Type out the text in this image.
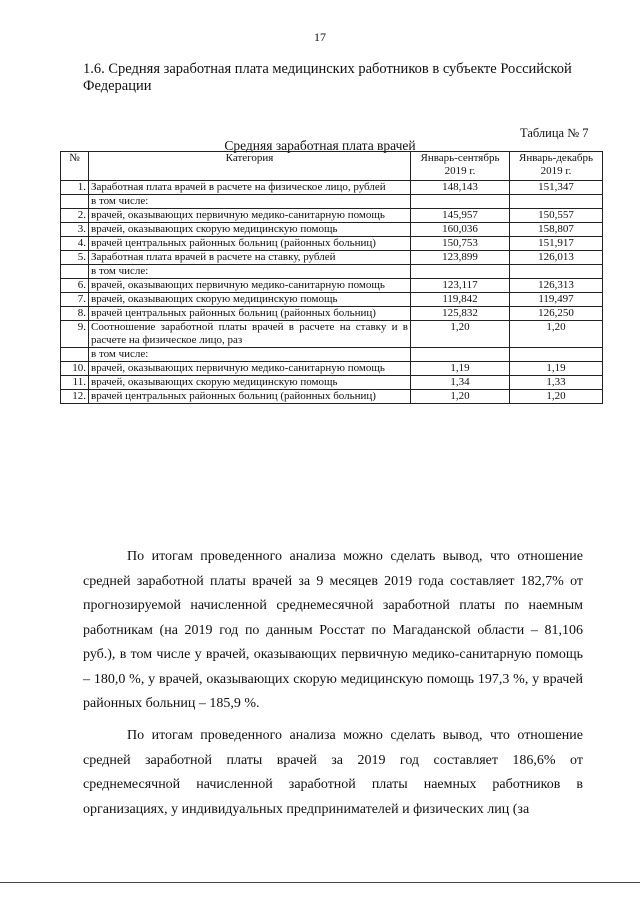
17
1.6. Средняя заработная плата медицинских работников в субъекте Российской Федерации
Таблица № 7
Средняя заработная плата врачей
№	Категория	Январь-сентябрь 2019 г.	Январь-декабрь 2019 г.
1.	Заработная плата врачей в расчете на физическое лицо, рублей	148,143	151,347
	в том числе:		
2.	врачей, оказывающих первичную медико-санитарную помощь	145,957	150,557
3.	врачей, оказывающих скорую медицинскую помощь	160,036	158,807
4.	врачей центральных районных больниц (районных больниц)	150,753	151,917
5.	Заработная плата врачей в расчете на ставку, рублей	123,899	126,013
	в том числе:		
6.	врачей, оказывающих первичную медико-санитарную помощь	123,117	126,313
7.	врачей, оказывающих скорую медицинскую помощь	119,842	119,497
8.	врачей центральных районных больниц (районных больниц)	125,832	126,250
9.	Соотношение заработной платы врачей в расчете на ставку и в расчете на физическое лицо, раз	1,20	1,20
	в том числе:		
10.	врачей, оказывающих первичную медико-санитарную помощь	1,19	1,19
11.	врачей, оказывающих скорую медицинскую помощь	1,34	1,33
12.	врачей центральных районных больниц (районных больниц)	1,20	1,20
По итогам проведенного анализа можно сделать вывод, что отношение средней заработной платы врачей за 9 месяцев 2019 года составляет 182,7% от прогнозируемой начисленной среднемесячной заработной платы по наемным работникам (на 2019 год по данным Росстат по Магаданской области – 81,106 руб.), в том числе у врачей, оказывающих первичную медико-санитарную помощь – 180,0 %, у врачей, оказывающих скорую медицинскую помощь 197,3 %, у врачей районных больниц – 185,9 %.
По итогам проведенного анализа можно сделать вывод, что отношение средней заработной платы врачей за 2019 год составляет 186,6% от среднемесячной начисленной заработной платы наемных работников в организациях, у индивидуальных предпринимателей и физических лиц (за
